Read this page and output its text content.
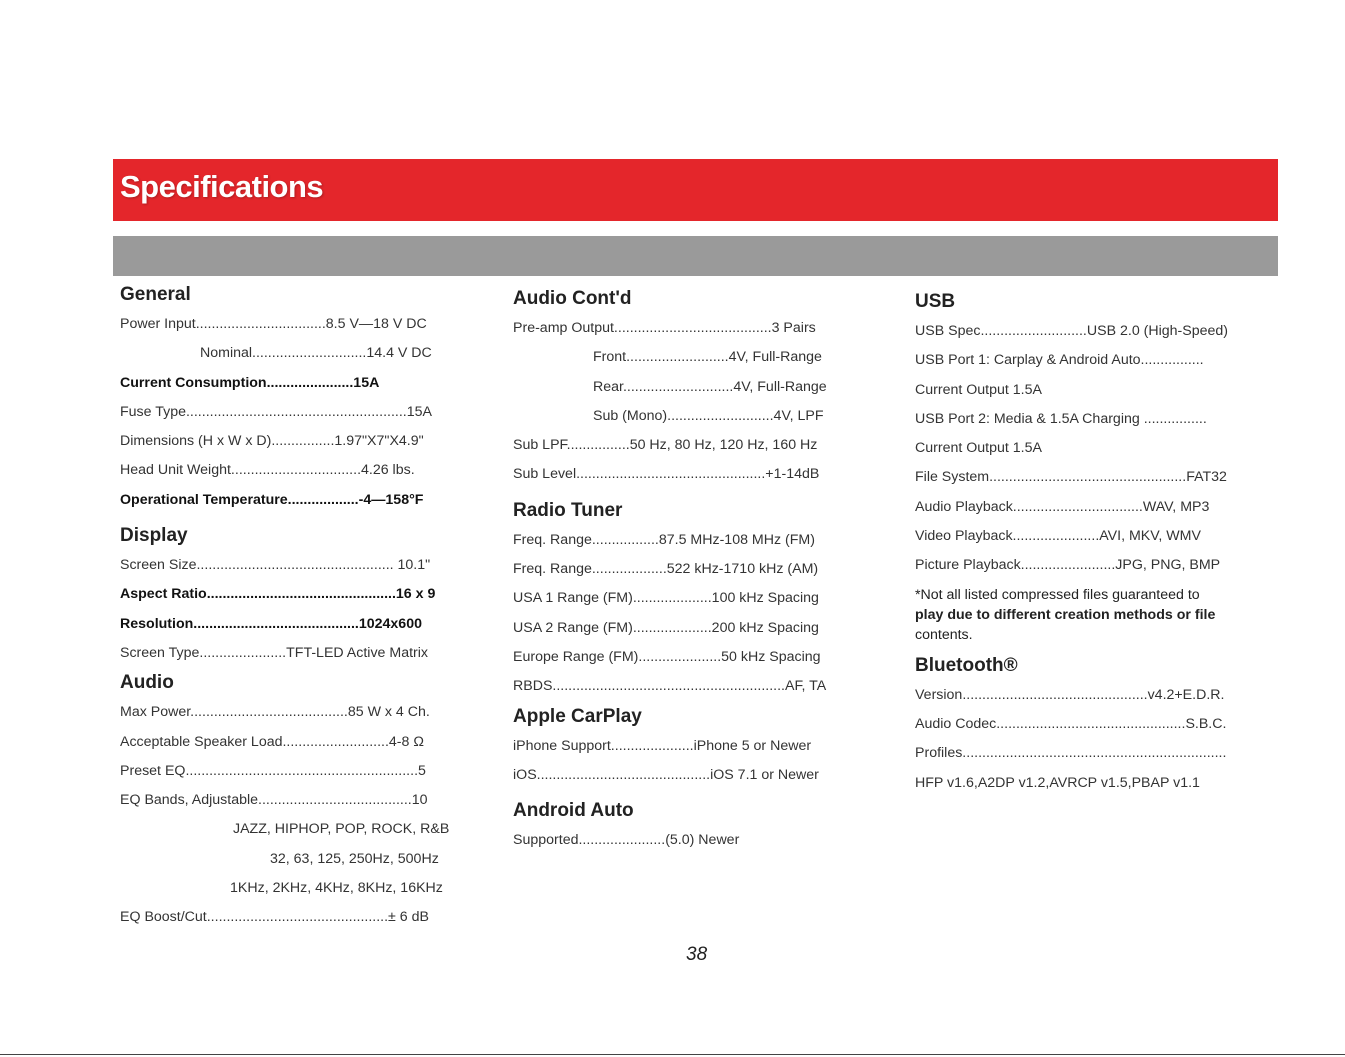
Specifications
General
Power Input.................................8.5 V—18 V DC
Nominal.............................14.4 V DC
Current Consumption......................15A
Fuse Type........................................................15A
Dimensions (H x W x D)................1.97"X7"X4.9"
Head Unit Weight.................................4.26 lbs.
Operational Temperature..................-4—158°F
Display
Screen Size.................................................. 10.1"
Aspect Ratio................................................16 x 9
Resolution..........................................1024x600
Screen Type......................TFT-LED Active Matrix
Audio
Max Power........................................85 W x 4 Ch.
Acceptable Speaker Load...........................4-8 Ω
Preset EQ...........................................................5
EQ Bands, Adjustable.......................................10
JAZZ, HIPHOP, POP, ROCK, R&B
32, 63, 125, 250Hz, 500Hz
1KHz, 2KHz, 4KHz, 8KHz, 16KHz
EQ Boost/Cut..............................................± 6 dB
Audio Cont'd
Pre-amp Output........................................3 Pairs
Front..........................4V, Full-Range
Rear............................4V, Full-Range
Sub (Mono)...........................4V, LPF
Sub LPF................50 Hz, 80 Hz, 120 Hz, 160 Hz
Sub Level................................................+1-14dB
Radio Tuner
Freq. Range.................87.5 MHz-108 MHz (FM)
Freq. Range...................522 kHz-1710 kHz (AM)
USA 1 Range (FM)....................100 kHz Spacing
USA 2 Range (FM)....................200 kHz Spacing
Europe Range (FM).....................50 kHz Spacing
RBDS...........................................................AF, TA
Apple CarPlay
iPhone Support.....................iPhone 5 or Newer
iOS............................................iOS 7.1 or Newer
Android Auto
Supported......................(5.0) Newer
USB
USB Spec...........................USB 2.0 (High-Speed)
USB Port 1: Carplay & Android Auto................
Current Output 1.5A
USB Port 2: Media & 1.5A Charging ................
Current Output 1.5A
File System..................................................FAT32
Audio Playback.................................WAV, MP3
Video Playback......................AVI, MKV, WMV
Picture Playback........................JPG, PNG, BMP
*Not all listed compressed files guaranteed to
play due to different creation methods or file
contents.
Bluetooth®
Version...............................................v4.2+E.D.R.
Audio Codec................................................S.B.C.
Profiles...................................................................
HFP v1.6,A2DP v1.2,AVRCP v1.5,PBAP v1.1
38
